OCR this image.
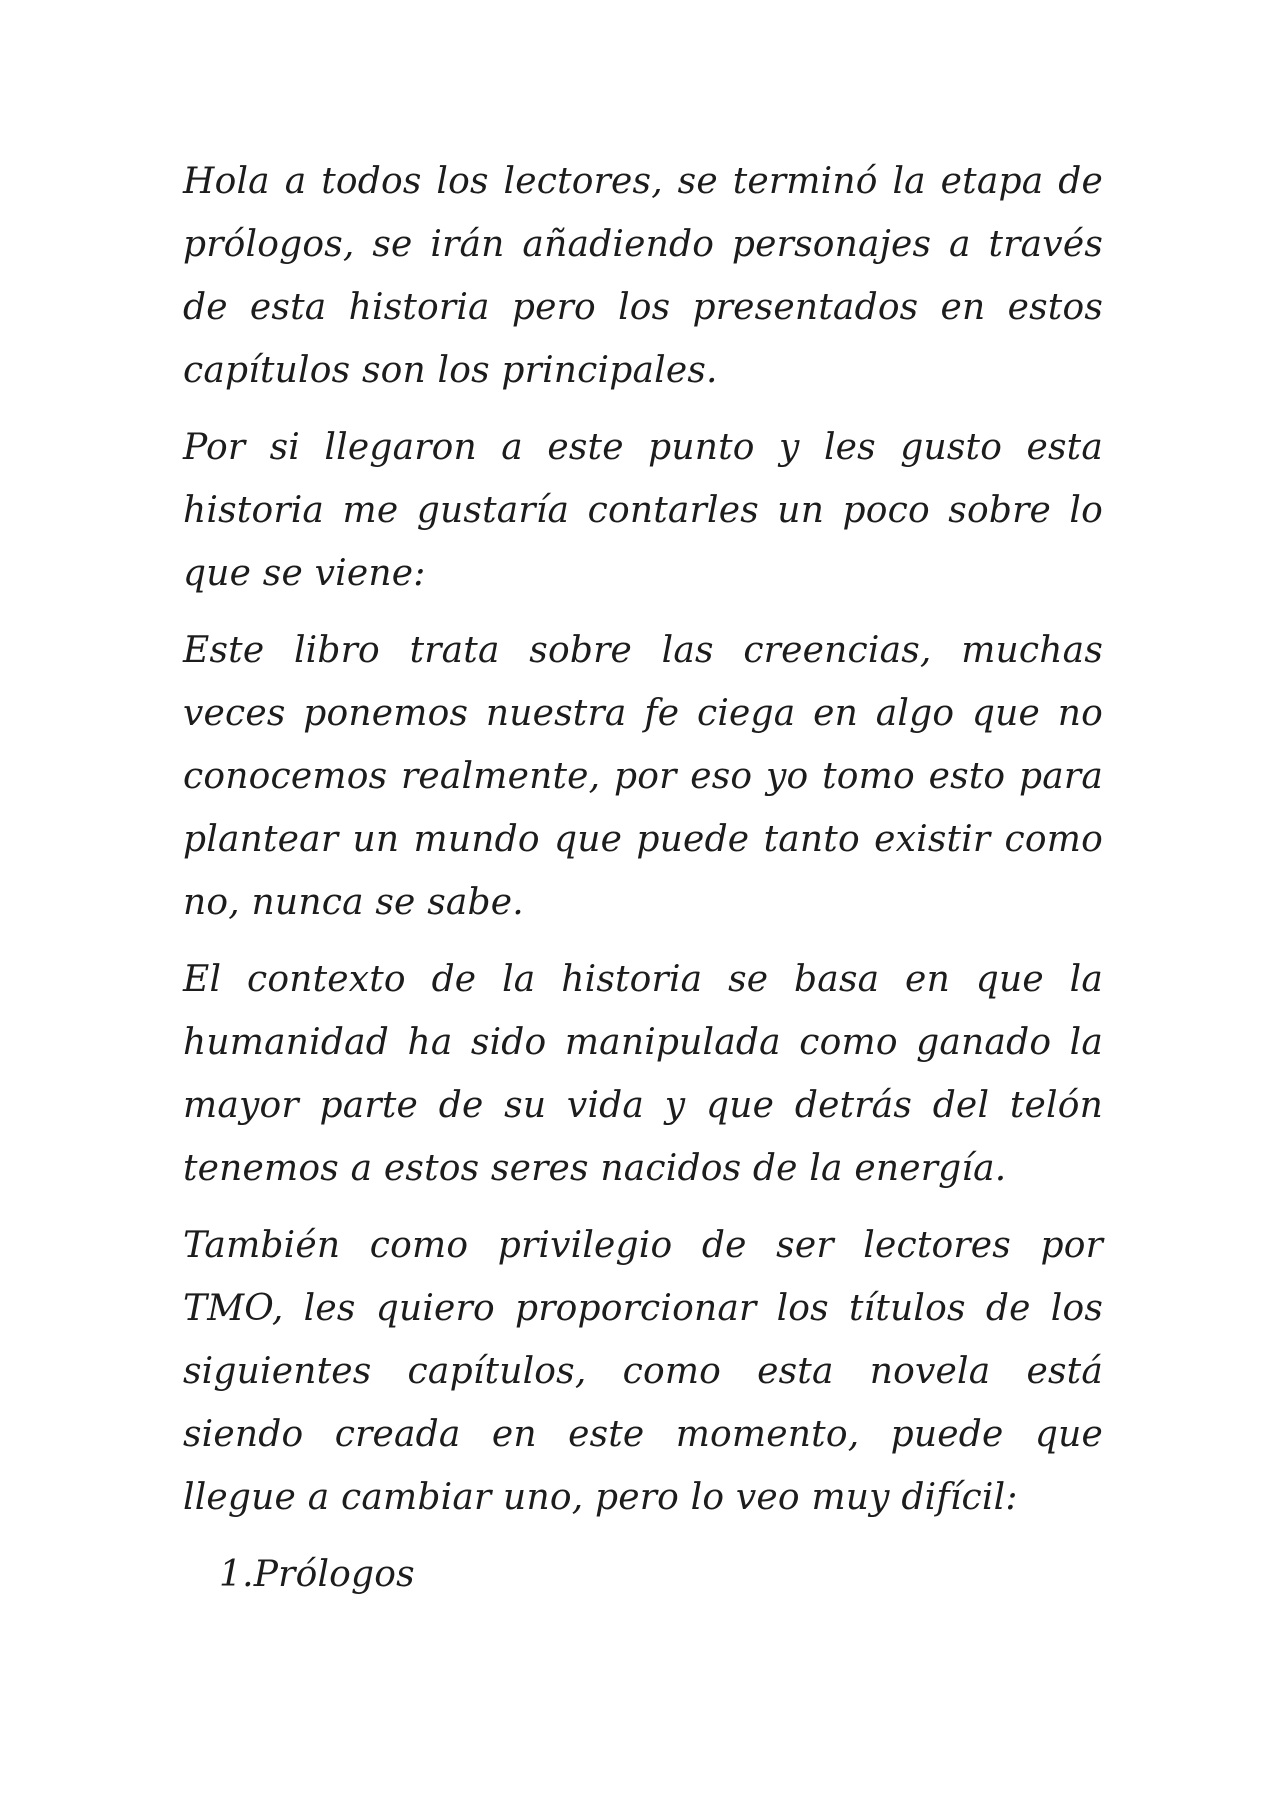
Hola a todos los lectores, se terminó la etapa de prólogos, se irán añadiendo personajes a través de esta historia pero los presentados en estos capítulos son los principales.

Por si llegaron a este punto y les gusto esta historia me gustaría contarles un poco sobre lo que se viene:

Este libro trata sobre las creencias, muchas veces ponemos nuestra fe ciega en algo que no conocemos realmente, por eso yo tomo esto para plantear un mundo que puede tanto existir como no, nunca se sabe.

El contexto de la historia se basa en que la humanidad ha sido manipulada como ganado la mayor parte de su vida y que detrás del telón tenemos a estos seres nacidos de la energía.

También como privilegio de ser lectores por TMO, les quiero proporcionar los títulos de los siguientes capítulos, como esta novela está siendo creada en este momento, puede que llegue a cambiar uno, pero lo veo muy difícil:

1.Prólogos
